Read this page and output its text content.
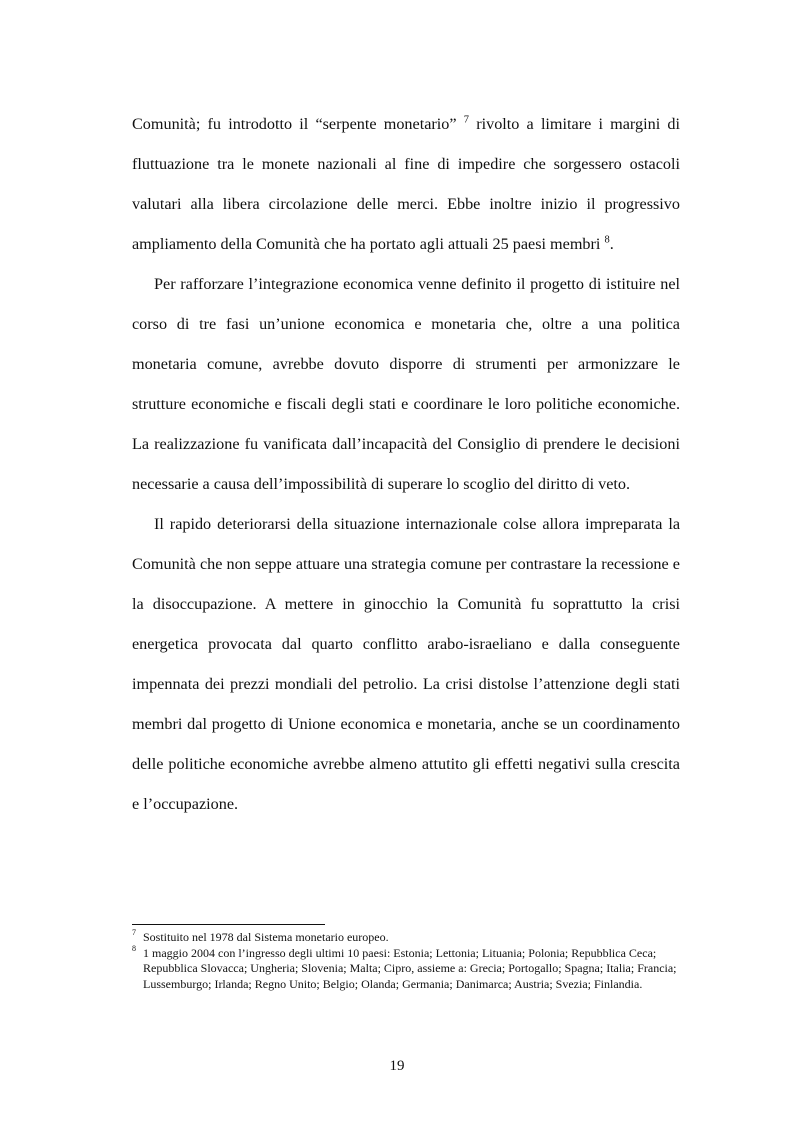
Comunità; fu introdotto il “serpente monetario” $^7$ rivolto a limitare i margini di fluttuazione tra le monete nazionali al fine di impedire che sorgessero ostacoli valutari alla libera circolazione delle merci. Ebbe inoltre inizio il progressivo ampliamento della Comunità che ha portato agli attuali 25 paesi membri $^8$.

Per rafforzare l’integrazione economica venne definito il progetto di istituire nel corso di tre fasi un’unione economica e monetaria che, oltre a una politica monetaria comune, avrebbe dovuto disporre di strumenti per armonizzare le strutture economiche e fiscali degli stati e coordinare le loro politiche economiche. La realizzazione fu vanificata dall’incapacità del Consiglio di prendere le decisioni necessarie a causa dell’impossibilità di superare lo scoglio del diritto di veto.

Il rapido deteriorarsi della situazione internazionale colse allora impreparata la Comunità che non seppe attuare una strategia comune per contrastare la recessione e la disoccupazione. A mettere in ginocchio la Comunità fu soprattutto la crisi energetica provocata dal quarto conflitto arabo-israeliano e dalla conseguente impennata dei prezzi mondiali del petrolio. La crisi distolse l’attenzione degli stati membri dal progetto di Unione economica e monetaria, anche se un coordinamento delle politiche economiche avrebbe almeno attutito gli effetti negativi sulla crescita e l’occupazione.

7 Sostituito nel 1978 dal Sistema monetario europeo.
8 1 maggio 2004 con l’ingresso degli ultimi 10 paesi: Estonia; Lettonia; Lituania; Polonia; Repubblica Ceca; Repubblica Slovacca; Ungheria; Slovenia; Malta; Cipro, assieme a: Grecia; Portogallo; Spagna; Italia; Francia; Lussemburgo; Irlanda; Regno Unito; Belgio; Olanda; Germania; Danimarca; Austria; Svezia; Finlandia.
19
